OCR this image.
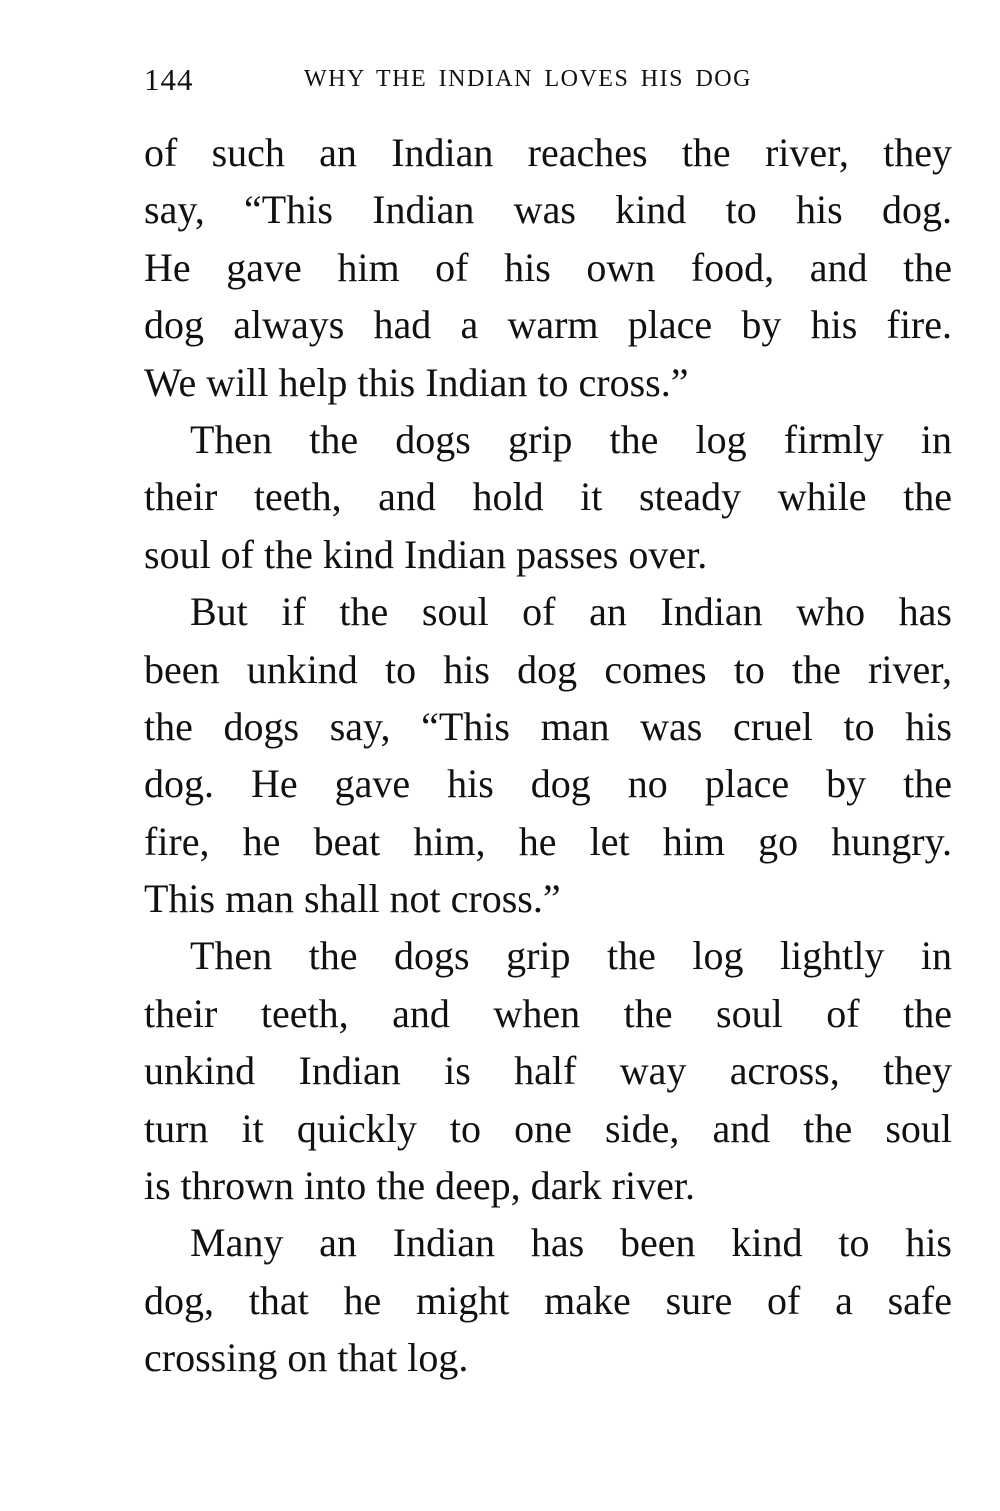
144	WHY THE INDIAN LOVES HIS DOG
of such an Indian reaches the river, they
say, “This Indian was kind to his dog.
He gave him of his own food, and the
dog always had a warm place by his fire.
We will help this Indian to cross.”
Then the dogs grip the log firmly in
their teeth, and hold it steady while the
soul of the kind Indian passes over.
But if the soul of an Indian who has
been unkind to his dog comes to the river,
the dogs say, “This man was cruel to his
dog. He gave his dog no place by the
fire, he beat him, he let him go hungry.
This man shall not cross.”
Then the dogs grip the log lightly in
their teeth, and when the soul of the
unkind Indian is half way across, they
turn it quickly to one side, and the soul
is thrown into the deep, dark river.
Many an Indian has been kind to his
dog, that he might make sure of a safe
crossing on that log.
